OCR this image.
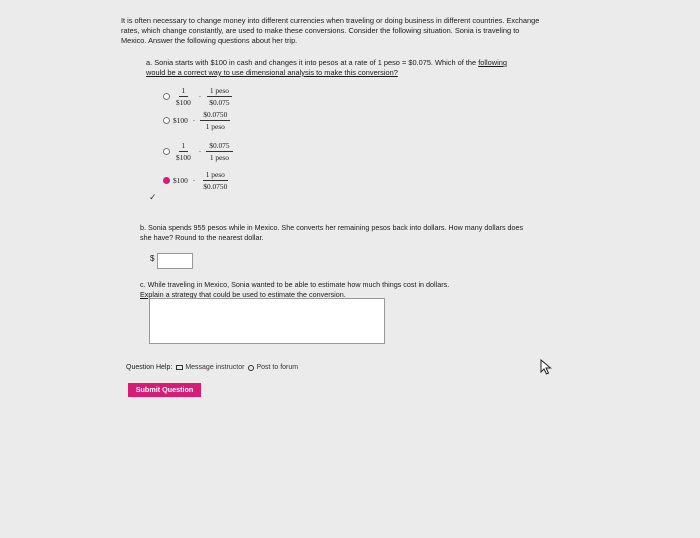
It is often necessary to change money into different currencies when traveling or doing business in different countries. Exchange rates, which change constantly, are used to make these conversions. Consider the following situation. Sonia is traveling to Mexico. Answer the following questions about her trip.
a. Sonia starts with $100 in cash and changes it into pesos at a rate of 1 peso = $0.075. Which of the following would be a correct way to use dimensional analysis to make this conversion?
$\frac{1}{\$100} \cdot \frac{\text{1 peso}}{\$0.075}$
$100 · $\frac{\$0.0750}{\text{1 peso}}$
$\frac{1}{\$100} \cdot \frac{\$0.075}{\text{1 peso}}$
$100 · $\frac{\text{1 peso}}{\$0.0750}$
✓
b. Sonia spends 955 pesos while in Mexico. She converts her remaining pesos back into dollars. How many dollars does she have? Round to the nearest dollar.
$
c. While traveling in Mexico, Sonia wanted to be able to estimate how much things cost in dollars.
Explain a strategy that could be used to estimate the conversion.
Question Help: Message instructor Post to forum
Submit Question
